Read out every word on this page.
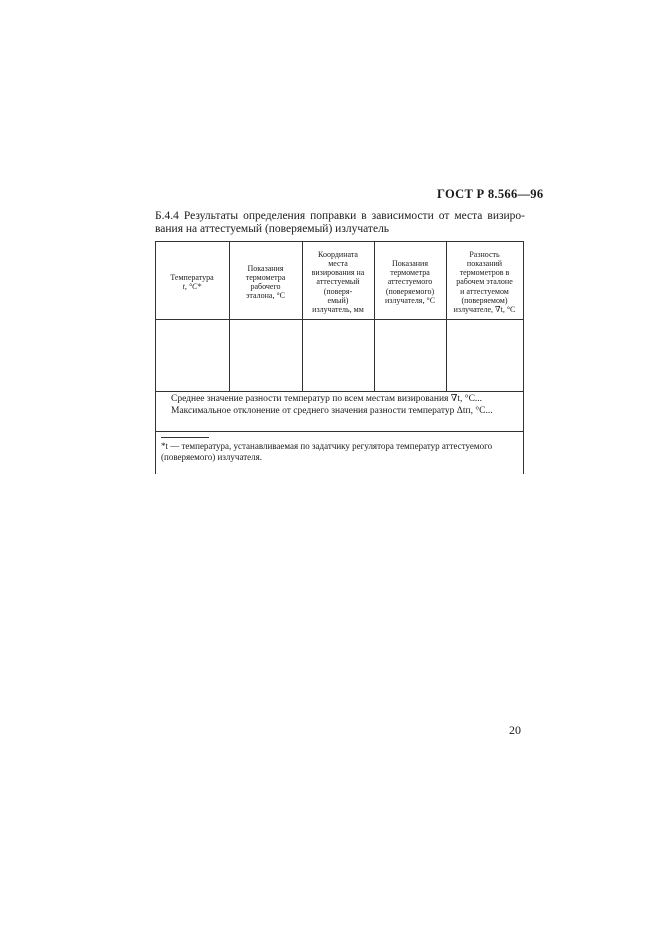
ГОСТ Р 8.566—96
Б.4.4 Результаты определения поправки в зависимости от места визиро-
вания на аттестуемый (поверяемый) излучатель
Температура
t, °С*
Показания
термометра
рабочего
эталона, °С
Координата
места
визирования на
аттестуемый
(поверя-
емый)
излучатель, мм
Показания
термометра
аттестуемого
(поверяемого)
излучателя, °С
Разность
показаний
термометров в
рабочем эталоне
и аттестуемом
(поверяемом)
излучателе, ∇t, °С
Среднее значение разности температур по всем местам визирования ∇̄t, °С...
Максимальное отклонение от среднего значения разности температур Δtп, °С...
*t — температура, устанавливаемая по задатчику регулятора температур аттестуемого (поверяемого) излучателя.
20
